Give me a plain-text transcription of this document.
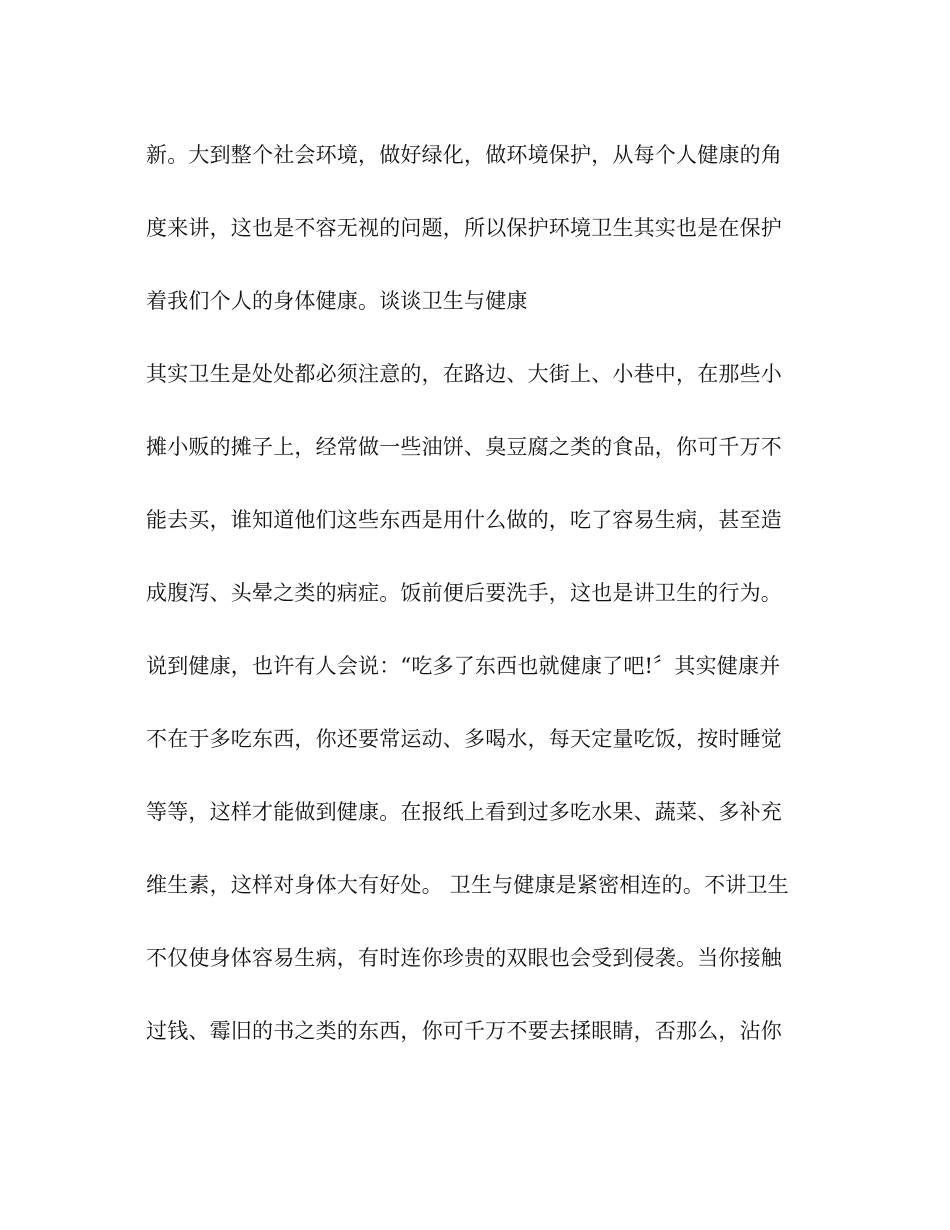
新。大到整个社会环境，做好绿化，做环境保护，从每个人健康的角
度来讲，这也是不容无视的问题，所以保护环境卫生其实也是在保护
着我们个人的身体健康。谈谈卫生与健康
其实卫生是处处都必须注意的，在路边、大街上、小巷中，在那些小
摊小贩的摊子上，经常做一些油饼、臭豆腐之类的食品，你可千万不
能去买，谁知道他们这些东西是用什么做的，吃了容易生病，甚至造
成腹泻、头晕之类的病症。饭前便后要洗手，这也是讲卫生的行为。
说到健康，也许有人会说：“吃多了东西也就健康了吧!〞其实健康并
不在于多吃东西，你还要常运动、多喝水，每天定量吃饭，按时睡觉
等等，这样才能做到健康。在报纸上看到过多吃水果、蔬菜、多补充
维生素，这样对身体大有好处。 卫生与健康是紧密相连的。不讲卫生
不仅使身体容易生病，有时连你珍贵的双眼也会受到侵袭。当你接触
过钱、霉旧的书之类的东西，你可千万不要去揉眼睛，否那么，沾你
